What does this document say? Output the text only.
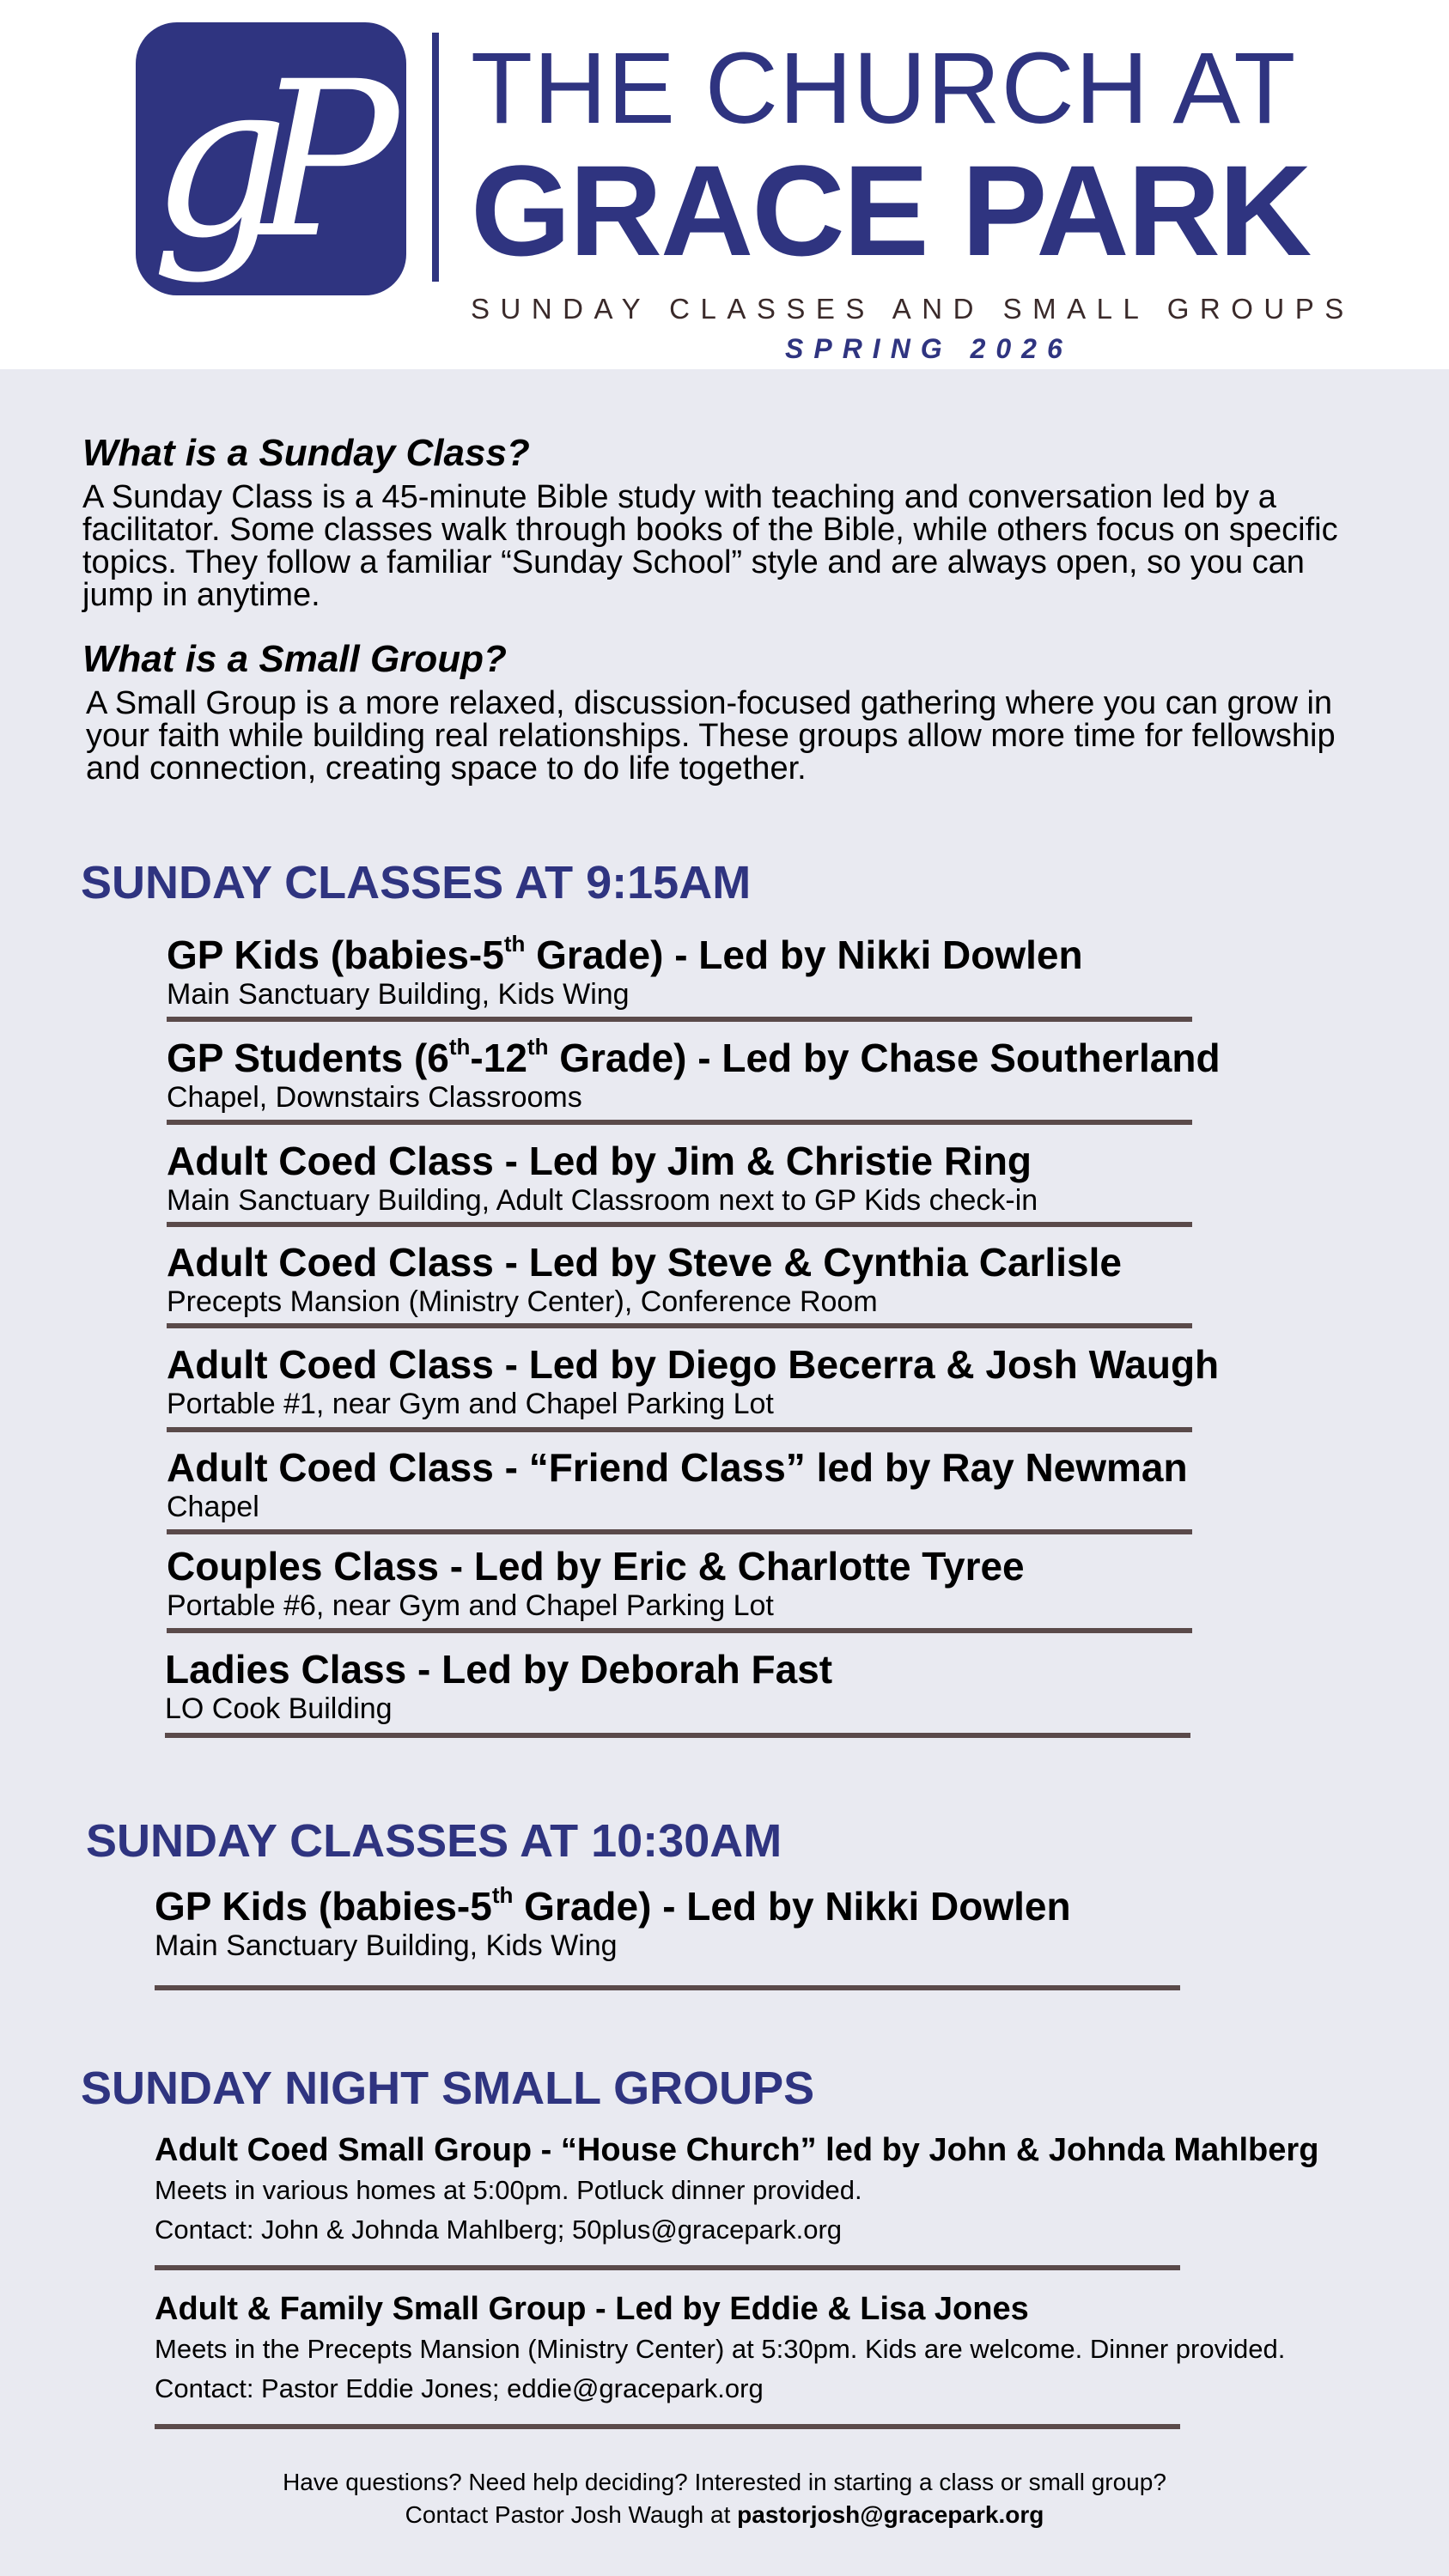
gP	THE CHURCH AT
GRACE PARK
SUNDAY CLASSES AND SMALL GROUPS
SPRING 2026
What is a Sunday Class?
A Sunday Class is a 45-minute Bible study with teaching and conversation led by a facilitator. Some classes walk through books of the Bible, while others focus on specific topics. They follow a familiar “Sunday School” style and are always open, so you can jump in anytime.
What is a Small Group?
A Small Group is a more relaxed, discussion-focused gathering where you can grow in your faith while building real relationships. These groups allow more time for fellowship and connection, creating space to do life together.
SUNDAY CLASSES AT 9:15AM
GP Kids (babies-5th Grade) - Led by Nikki Dowlen
Main Sanctuary Building, Kids Wing
GP Students (6th-12th Grade) - Led by Chase Southerland
Chapel, Downstairs Classrooms
Adult Coed Class - Led by Jim & Christie Ring
Main Sanctuary Building, Adult Classroom next to GP Kids check-in
Adult Coed Class - Led by Steve & Cynthia Carlisle
Precepts Mansion (Ministry Center), Conference Room
Adult Coed Class - Led by Diego Becerra & Josh Waugh
Portable #1, near Gym and Chapel Parking Lot
Adult Coed Class - “Friend Class” led by Ray Newman
Chapel
Couples Class - Led by Eric & Charlotte Tyree
Portable #6, near Gym and Chapel Parking Lot
Ladies Class - Led by Deborah Fast
LO Cook Building
SUNDAY CLASSES AT 10:30AM
GP Kids (babies-5th Grade) - Led by Nikki Dowlen
Main Sanctuary Building, Kids Wing
SUNDAY NIGHT SMALL GROUPS
Adult Coed Small Group - “House Church” led by John & Johnda Mahlberg
Meets in various homes at 5:00pm. Potluck dinner provided.
Contact: John & Johnda Mahlberg; 50plus@gracepark.org
Adult & Family Small Group - Led by Eddie & Lisa Jones
Meets in the Precepts Mansion (Ministry Center) at 5:30pm. Kids are welcome. Dinner provided.
Contact: Pastor Eddie Jones; eddie@gracepark.org
Have questions? Need help deciding? Interested in starting a class or small group?
Contact Pastor Josh Waugh at pastorjosh@gracepark.org
